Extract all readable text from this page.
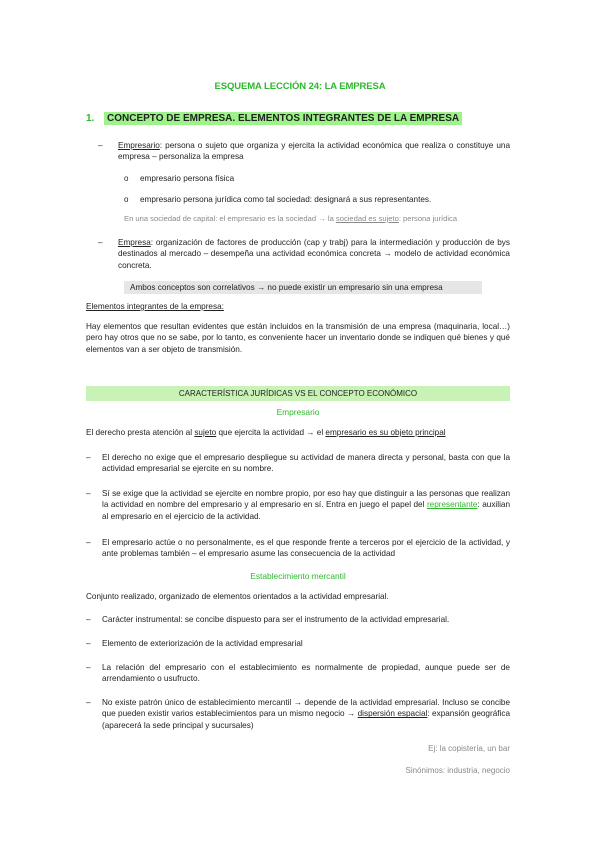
ESQUEMA LECCIÓN 24: LA EMPRESA
1. CONCEPTO DE EMPRESA. ELEMENTOS INTEGRANTES DE LA EMPRESA
– Empresario: persona o sujeto que organiza y ejercita la actividad económica que realiza o constituye una empresa – personaliza la empresa
o empresario persona física
o empresario persona jurídica como tal sociedad: designará a sus representantes.
En una sociedad de capital: el empresario es la sociedad → la sociedad es sujeto: persona jurídica
– Empresa: organización de factores de producción (cap y trabj) para la intermediación y producción de bys destinados al mercado – desempeña una actividad económica concreta → modelo de actividad económica concreta.
Ambos conceptos son correlativos → no puede existir un empresario sin una empresa
Elementos integrantes de la empresa:
Hay elementos que resultan evidentes que están incluidos en la transmisión de una empresa (maquinaria, local…) pero hay otros que no se sabe, por lo tanto, es conveniente hacer un inventario donde se indiquen qué bienes y qué elementos van a ser objeto de transmisión.
CARACTERÍSTICA JURÍDICAS VS EL CONCEPTO ECONÓMICO
Empresario
El derecho presta atención al sujeto que ejercita la actividad → el empresario es su objeto principal
– El derecho no exige que el empresario despliegue su actividad de manera directa y personal, basta con que la actividad empresarial se ejercite en su nombre.
– Sí se exige que la actividad se ejercite en nombre propio, por eso hay que distinguir a las personas que realizan la actividad en nombre del empresario y al empresario en sí. Entra en juego el papel del representante: auxilian al empresario en el ejercicio de la actividad.
– El empresario actúe o no personalmente, es el que responde frente a terceros por el ejercicio de la actividad, y ante problemas también – el empresario asume las consecuencia de la actividad
Establecimiento mercantil
Conjunto realizado, organizado de elementos orientados a la actividad empresarial.
– Carácter instrumental: se concibe dispuesto para ser el instrumento de la actividad empresarial.
– Elemento de exteriorización de la actividad empresarial
– La relación del empresario con el establecimiento es normalmente de propiedad, aunque puede ser de arrendamiento o usufructo.
– No existe patrón único de establecimiento mercantil → depende de la actividad empresarial. Incluso se concibe que pueden existir varios establecimientos para un mismo negocio → dispersión espacial: expansión geográfica (aparecerá la sede principal y sucursales)
Ej: la copistería, un bar
Sinónimos: industria, negocio
